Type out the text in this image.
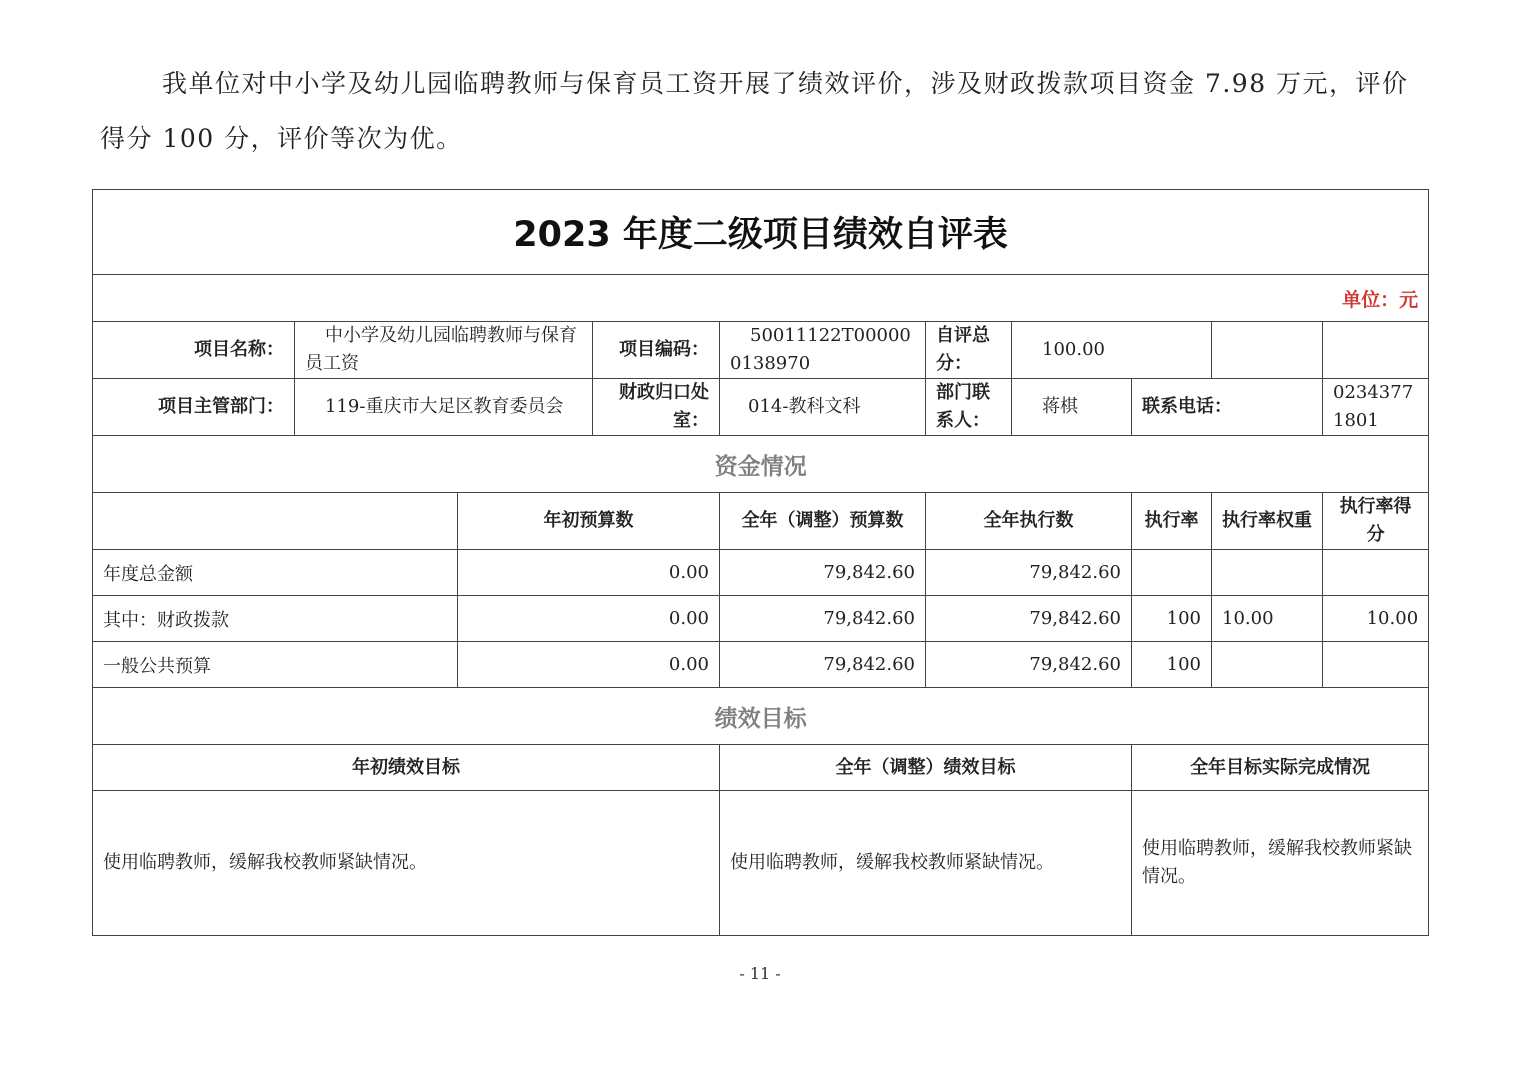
我单位对中小学及幼儿园临聘教师与保育员工资开展了绩效评价，涉及财政拨款项目资金 7.98 万元，评价得分 100 分，评价等次为优。
2023 年度二级项目绩效自评表									
单位：元									
项目名称：	中小学及幼儿园临聘教师与保育员工资		项目编码：	50011122T000000138970	自评总分：	100.00			
项目主管部门：	119-重庆市大足区教育委员会		财政归口处室：	014-教科文科	部门联系人：	蒋棋	联系电话：		02343771801
资金情况									
		年初预算数		全年（调整）预算数	全年执行数		执行率	执行率权重	执行率得分
年度总金额		0.00		79,842.60	79,842.60				
其中：财政拨款		0.00		79,842.60	79,842.60		100	10.00	10.00
一般公共预算		0.00		79,842.60	79,842.60		100		
绩效目标									
年初绩效目标				全年（调整）绩效目标			全年目标实际完成情况		
使用临聘教师，缓解我校教师紧缺情况。				使用临聘教师，缓解我校教师紧缺情况。			使用临聘教师，缓解我校教师紧缺情况。		
- 11 -
